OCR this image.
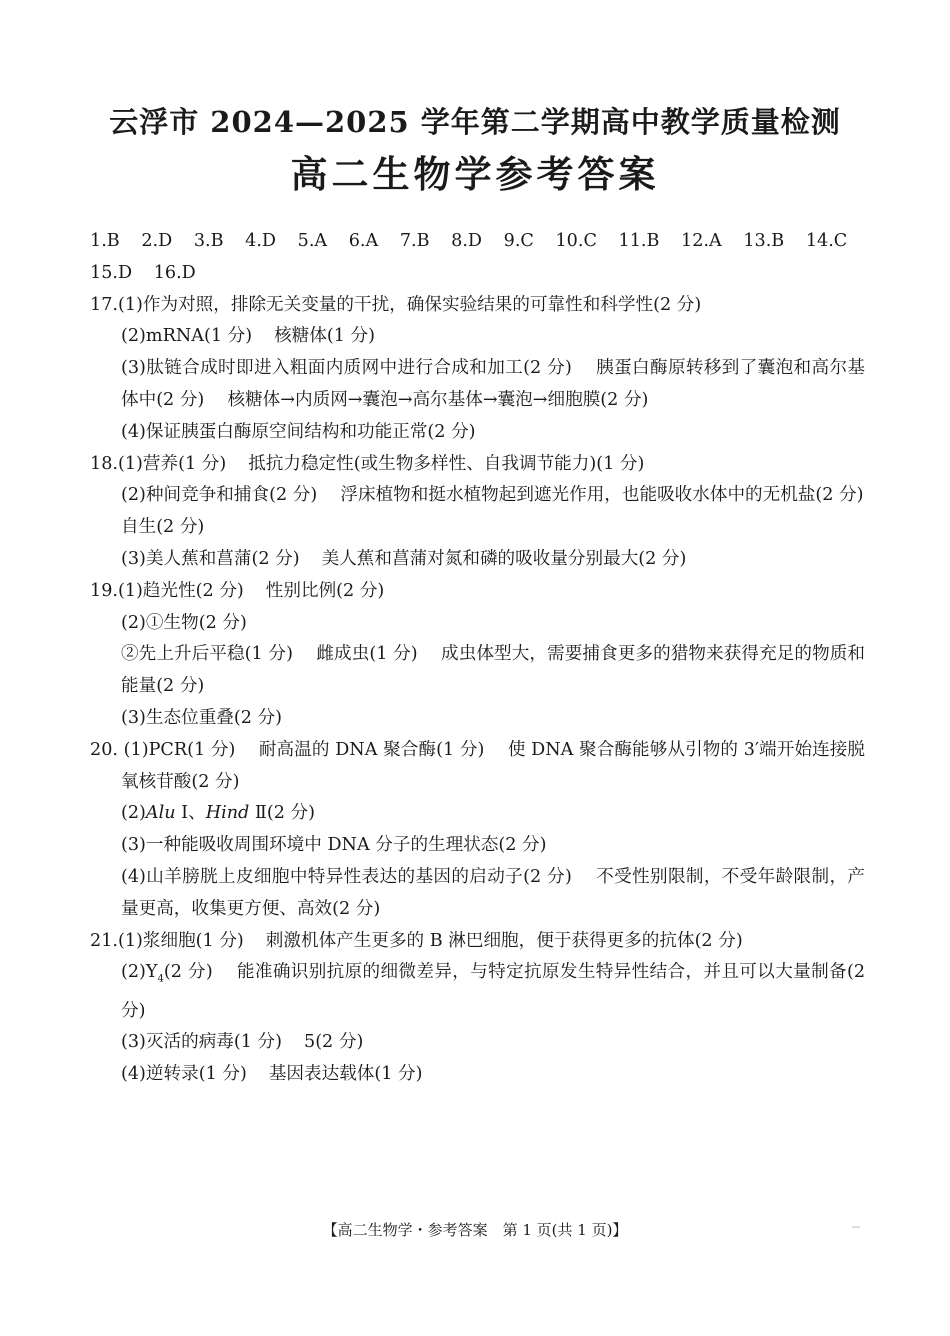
云浮市 2024—2025 学年第二学期高中教学质量检测
高二生物学参考答案
1.B 2.D 3.B 4.D 5.A 6.A 7.B 8.D 9.C 10.C 11.B 12.A 13.B 14.C
15.D 16.D
17.(1)作为对照，排除无关变量的干扰，确保实验结果的可靠性和科学性(2 分)
(2)mRNA(1 分) 核糖体(1 分)
(3)肽链合成时即进入粗面内质网中进行合成和加工(2 分)　 胰蛋白酶原转移到了囊泡和高尔基体中(2 分)　 核糖体→内质网→囊泡→高尔基体→囊泡→细胞膜(2 分)
(4)保证胰蛋白酶原空间结构和功能正常(2 分)
18.(1)营养(1 分) 抵抗力稳定性(或生物多样性、自我调节能力)(1 分)
(2)种间竞争和捕食(2 分)　 浮床植物和挺水植物起到遮光作用，也能吸收水体中的无机盐(2 分)　 自生(2 分)
(3)美人蕉和菖蒲(2 分) 美人蕉和菖蒲对氮和磷的吸收量分别最大(2 分)
19.(1)趋光性(2 分) 性别比例(2 分)
(2)①生物(2 分)
②先上升后平稳(1 分)　 雌成虫(1 分)　 成虫体型大，需要捕食更多的猎物来获得充足的物质和能量(2 分)
(3)生态位重叠(2 分)
20. (1)PCR(1 分)　 耐高温的 DNA 聚合酶(1 分)　 使 DNA 聚合酶能够从引物的 3′端开始连接脱氧核苷酸(2 分)
(2)Alu Ⅰ、Hind Ⅱ(2 分)
(3)一种能吸收周围环境中 DNA 分子的生理状态(2 分)
(4)山羊膀胱上皮细胞中特异性表达的基因的启动子(2 分)　 不受性别限制，不受年龄限制，产量更高，收集更方便、高效(2 分)
21.(1)浆细胞(1 分) 刺激机体产生更多的 B 淋巴细胞，便于获得更多的抗体(2 分)
$(2)Y_4(2$ 分)　 能准确识别抗原的细微差异，与特定抗原发生特异性结合，并且可以大量制备(2 分)
(3)灭活的病毒(1 分) 5(2 分)
(4)逆转录(1 分) 基因表达载体(1 分)
【高二生物学・参考答案　第 1 页(共 1 页)】
